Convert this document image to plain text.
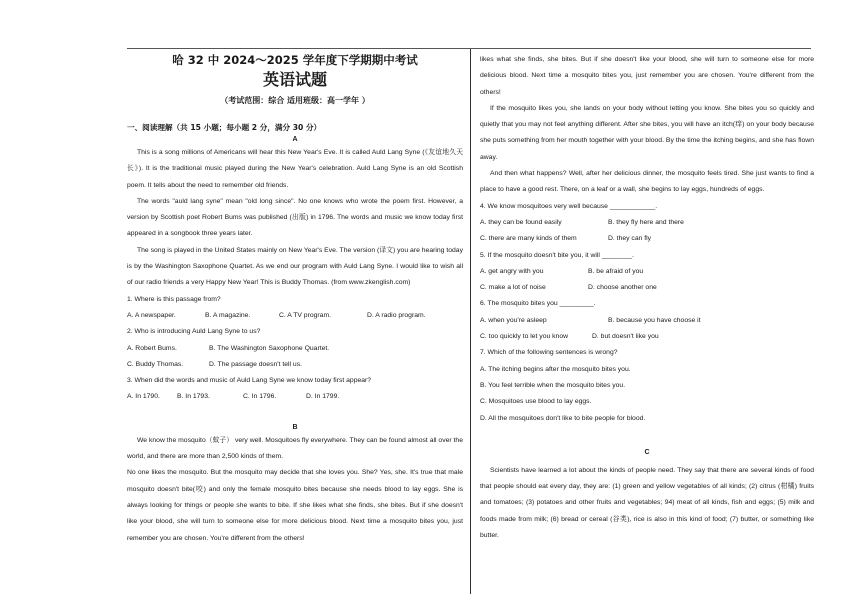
哈 32 中 2024～2025 学年度下学期期中考试
英语试题
（考试范围：综合 适用班级：高一学年 ）
一、阅读理解（共 15 小题；每小题 2 分，满分 30 分）
A

This is a song millions of Americans will hear this New Year's Eve. It is called Auld Lang Syne (《友谊地久天长》). It is the traditional music played during the New Year's celebration. Auld Lang Syne is an old Scottish poem. It tells about the need to remember old friends.

The words "auld lang syne" mean "old long since". No one knows who wrote the poem first. However, a version by Scottish poet Robert Bums was published (出版) in 1796. The words and music we know today first appeared in a songbook three years later.

The song is played in the United States mainly on New Year's Eve. The version (译文) you are hearing today is by the Washington Saxophone Quartet. As we end our program with Auld Lang Syne. I would like to wish all of our radio friends a very Happy New Year! This is Buddy Thomas. (from www.zkenglish.com)

1. Where is this passage from?
A. A newspaper.	B. A magazine.	C. A TV program.	D. A radio program.
2. Who is introducing Auld Lang Syne to us?
A. Robert Bums.	B. The Washington Saxophone Quartet.
C. Buddy Thomas.	D. The passage doesn't tell us.
3. When did the words and music of Auld Lang Syne we know today first appear?
A. In 1790.	B. In 1793.	C. In 1796.	D. In 1799.
B

We know the mosquito（蚊子） very well. Mosquitoes fly everywhere. They can be found almost all over the world, and there are more than 2,500 kinds of them.

No one likes the mosquito. But the mosquito may decide that she loves you. She? Yes, she. It's true that male mosquito doesn't bite(咬) and only the female mosquito bites because she needs blood to lay eggs. She is always looking for things or people she wants to bite. If she likes what she finds, she bites. But if she doesn't like your blood, she will turn to someone else for more delicious blood. Next time a mosquito bites you, just remember you are chosen. You're different from the others!

likes what she finds, she bites. But if she doesn't like your blood, she will turn to someone else for more delicious blood. Next time a mosquito bites you, just remember you are chosen. You're different from the others!

If the mosquito likes you, she lands on your body without letting you know. She bites you so quickly and quietly that you may not feel anything different. After she bites, you will have an itch(痒) on your body because she puts something from her mouth together with your blood. By the time the itching begins, and she has flown away.

And then what happens? Well, after her delicious dinner, the mosquito feels tired. She just wants to find a place to have a good rest. There, on a leaf or a wall, she begins to lay eggs, hundreds of eggs.

4. We know mosquitoes very well because ____________.
A. they can be found easily	B. they fly here and there
C. there are many kinds of them	D. they can fly
5. If the mosquito doesn't bite you, it will ________.
A. get angry with you	B. be afraid of you
C. make a lot of noise	D. choose another one
6. The mosquito bites you _________.
A. when you're asleep	B. because you have choose it
C. too quickly to let you know	D. but doesn't like you
7. Which of the following sentences is wrong?
A. The itching begins after the mosquito bites you.
B. You feel terrible when the mosquito bites you.
C. Mosquitoes use blood to lay eggs.
D. All the mosquitoes don't like to bite people for blood.
C

Scientists have learned a lot about the kinds of people need. They say that there are several kinds of food that people should eat every day, they are: (1) green and yellow vegetables of all kinds; (2) citrus (柑橘) fruits and tomatoes; (3) potatoes and other fruits and vegetables; 94) meat of all kinds, fish and eggs; (5) milk and foods made from milk; (6) bread or cereal (谷类), rice is also in this kind of food; (7) butter, or something like butter.
